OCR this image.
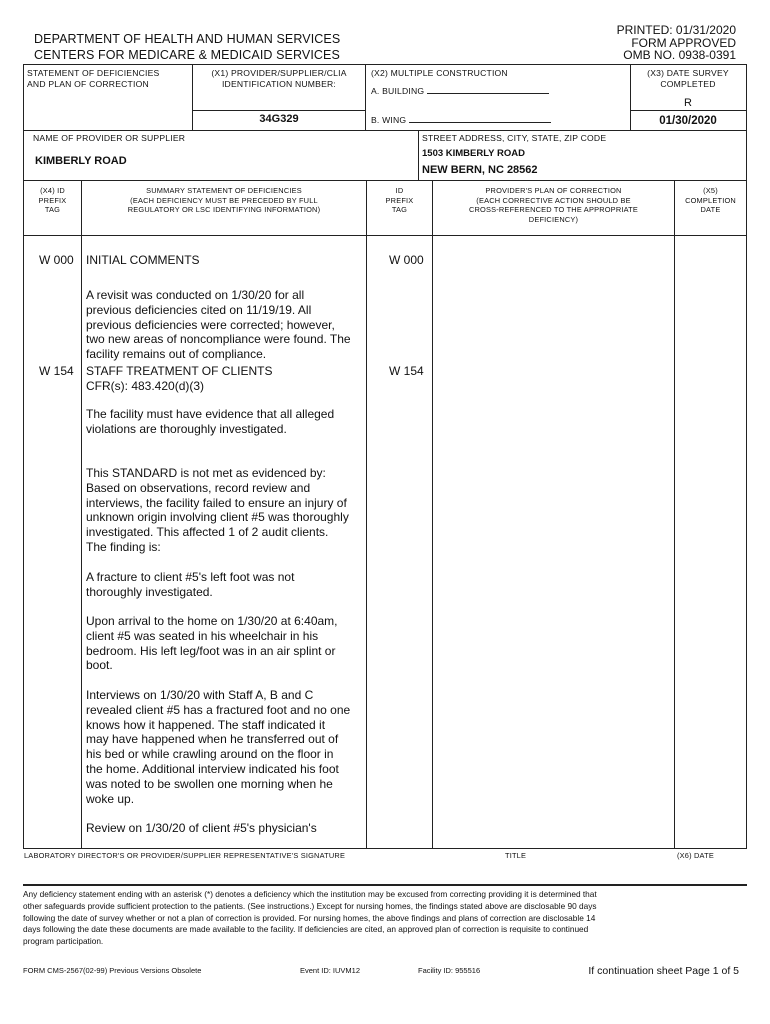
DEPARTMENT OF HEALTH AND HUMAN SERVICES
CENTERS FOR MEDICARE & MEDICAID SERVICES
PRINTED: 01/31/2020
FORM APPROVED
OMB NO. 0938-0391
STATEMENT OF DEFICIENCIES
AND PLAN OF CORRECTION
(X1) PROVIDER/SUPPLIER/CLIA
IDENTIFICATION NUMBER:
34G329
(X2) MULTIPLE CONSTRUCTION
A. BUILDING
B. WING
(X3) DATE SURVEY
COMPLETED
R
01/30/2020
NAME OF PROVIDER OR SUPPLIER
KIMBERLY ROAD
STREET ADDRESS, CITY, STATE, ZIP CODE
1503 KIMBERLY ROAD
NEW BERN, NC 28562
(X4) ID
PREFIX
TAG
SUMMARY STATEMENT OF DEFICIENCIES
(EACH DEFICIENCY MUST BE PRECEDED BY FULL
REGULATORY OR LSC IDENTIFYING INFORMATION)
ID
PREFIX
TAG
PROVIDER'S PLAN OF CORRECTION
(EACH CORRECTIVE ACTION SHOULD BE
CROSS-REFERENCED TO THE APPROPRIATE
DEFICIENCY)
(X5)
COMPLETION
DATE
W 000	W 000
INITIAL COMMENTS
A revisit was conducted on 1/30/20 for all
previous deficiencies cited on 11/19/19. All
previous deficiencies were corrected; however,
two new areas of noncompliance were found. The
facility remains out of compliance.
W 154	W 154
STAFF TREATMENT OF CLIENTS
CFR(s): 483.420(d)(3)
The facility must have evidence that all alleged
violations are thoroughly investigated.
This STANDARD is not met as evidenced by:
Based on observations, record review and
interviews, the facility failed to ensure an injury of
unknown origin involving client #5 was thoroughly
investigated. This affected 1 of 2 audit clients.
The finding is:
A fracture to client #5's left foot was not
thoroughly investigated.
Upon arrival to the home on 1/30/20 at 6:40am,
client #5 was seated in his wheelchair in his
bedroom. His left leg/foot was in an air splint or
boot.
Interviews on 1/30/20 with Staff A, B and C
revealed client #5 has a fractured foot and no one
knows how it happened. The staff indicated it
may have happened when he transferred out of
his bed or while crawling around on the floor in
the home. Additional interview indicated his foot
was noted to be swollen one morning when he
woke up.
Review on 1/30/20 of client #5's physician's
LABORATORY DIRECTOR'S OR PROVIDER/SUPPLIER REPRESENTATIVE'S SIGNATURE	TITLE	(X6) DATE
Any deficiency statement ending with an asterisk (*) denotes a deficiency which the institution may be excused from correcting providing it is determined that
other safeguards provide sufficient protection to the patients. (See instructions.) Except for nursing homes, the findings stated above are disclosable 90 days
following the date of survey whether or not a plan of correction is provided. For nursing homes, the above findings and plans of correction are disclosable 14
days following the date these documents are made available to the facility. If deficiencies are cited, an approved plan of correction is requisite to continued
program participation.
FORM CMS-2567(02-99) Previous Versions Obsolete	Event ID: IUVM12	Facility ID: 955516	If continuation sheet Page 1 of 5
